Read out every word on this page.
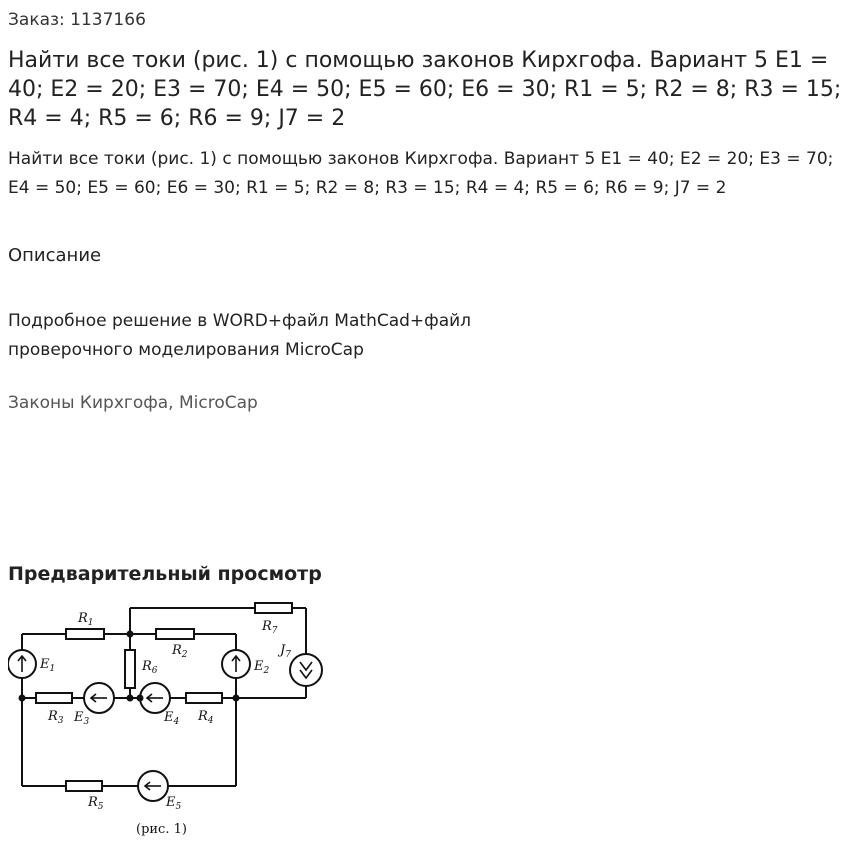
Заказ: 1137166
Найти все токи (рис. 1) с помощью законов Кирхгофа. Вариант 5 E1 = 40; E2 = 20; E3 = 70; E4 = 50; E5 = 60; E6 = 30; R1 = 5; R2 = 8; R3 = 15; R4 = 4; R5 = 6; R6 = 9; J7 = 2
Найти все токи (рис. 1) с помощью законов Кирхгофа. Вариант 5 E1 = 40; E2 = 20; E3 = 70; E4 = 50; E5 = 60; E6 = 30; R1 = 5; R2 = 8; R3 = 15; R4 = 4; R5 = 6; R6 = 9; J7 = 2
Описание
Подробное решение в WORD+файл MathCad+файл
проверочного моделирования MicroCap
Законы Кирхгофа, MicroCap
Предварительный просмотр
$R_1$
$R_2$
$R_7$
$R_6$
$R_3$	$R_4$
$R_5$
$E_1$	$E_2$
$E_3$	$E_4$
$E_5$
$J_7$
(рис. 1)
